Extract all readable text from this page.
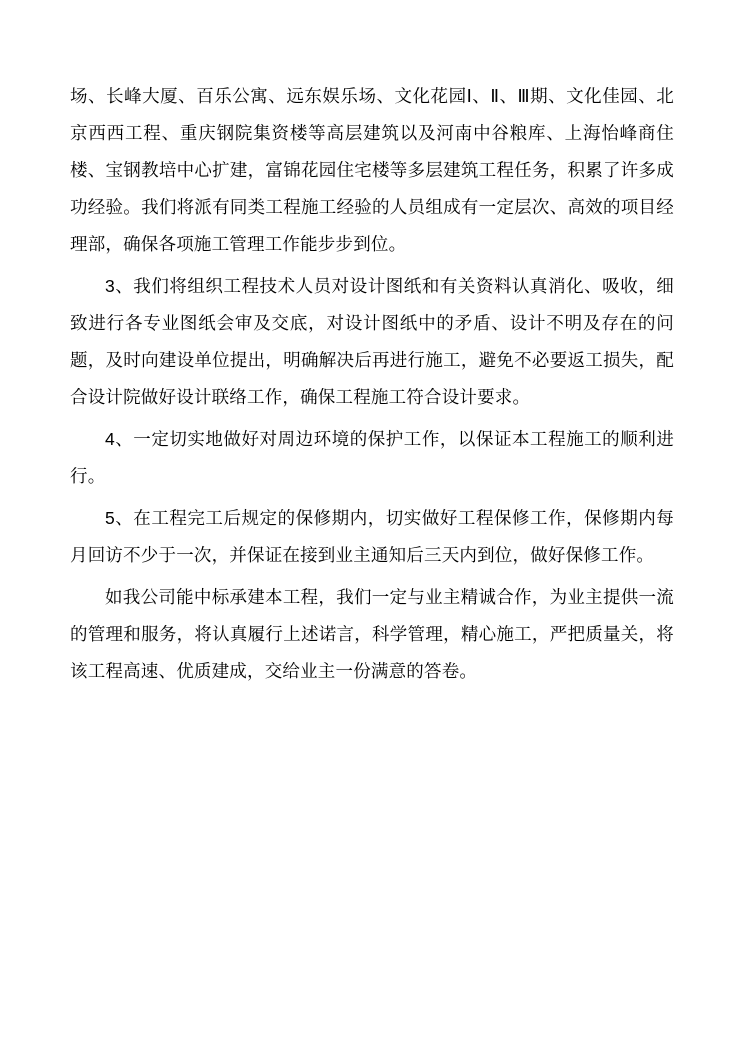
场、长峰大厦、百乐公寓、远东娱乐场、文化花园Ⅰ、Ⅱ、Ⅲ期、文化佳园、北京西西工程、重庆钢院集资楼等高层建筑以及河南中谷粮库、上海怡峰商住楼、宝钢教培中心扩建，富锦花园住宅楼等多层建筑工程任务，积累了许多成功经验。我们将派有同类工程施工经验的人员组成有一定层次、高效的项目经理部，确保各项施工管理工作能步步到位。

3、我们将组织工程技术人员对设计图纸和有关资料认真消化、吸收，细致进行各专业图纸会审及交底，对设计图纸中的矛盾、设计不明及存在的问题，及时向建设单位提出，明确解决后再进行施工，避免不必要返工损失，配合设计院做好设计联络工作，确保工程施工符合设计要求。

4、一定切实地做好对周边环境的保护工作，以保证本工程施工的顺利进行。

5、在工程完工后规定的保修期内，切实做好工程保修工作，保修期内每月回访不少于一次，并保证在接到业主通知后三天内到位，做好保修工作。

如我公司能中标承建本工程，我们一定与业主精诚合作，为业主提供一流的管理和服务，将认真履行上述诺言，科学管理，精心施工，严把质量关，将该工程高速、优质建成，交给业主一份满意的答卷。
